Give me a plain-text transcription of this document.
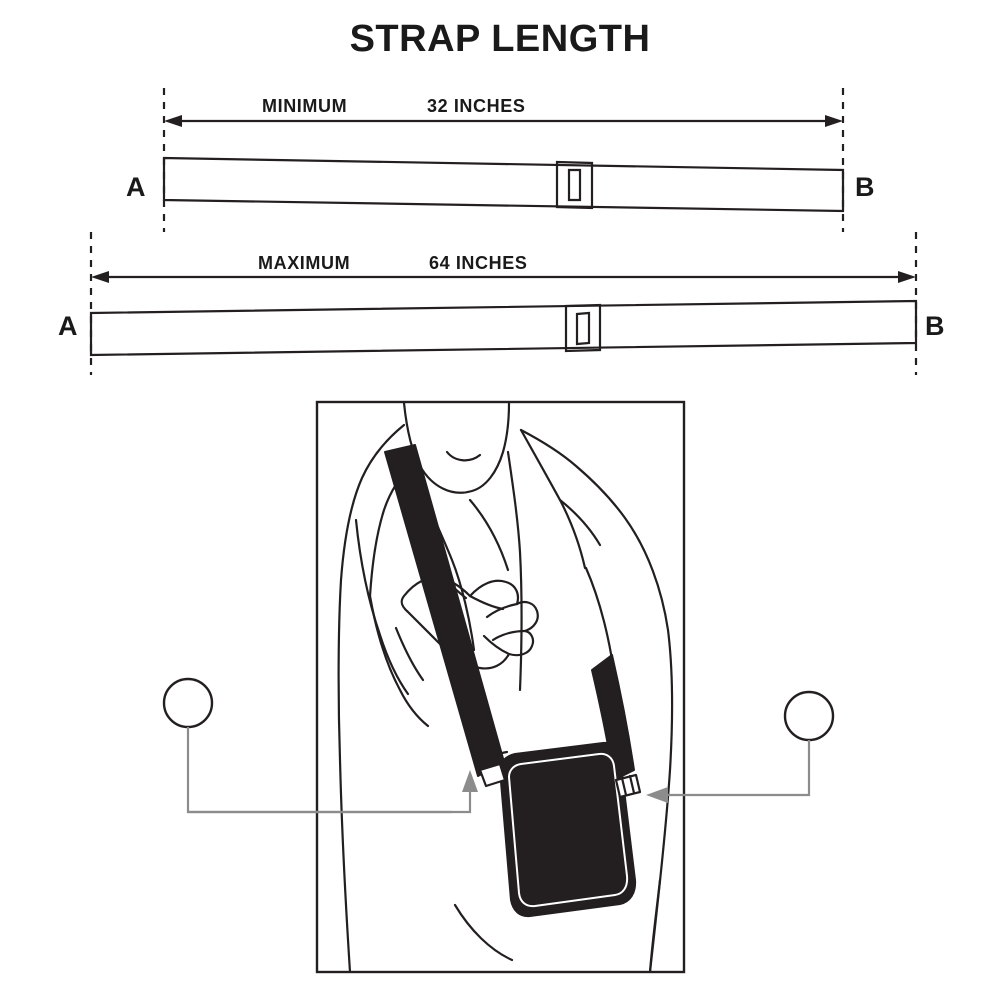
STRAP LENGTH
MINIMUM	32 INCHES
A	B
MAXIMUM	64 INCHES
A	B
